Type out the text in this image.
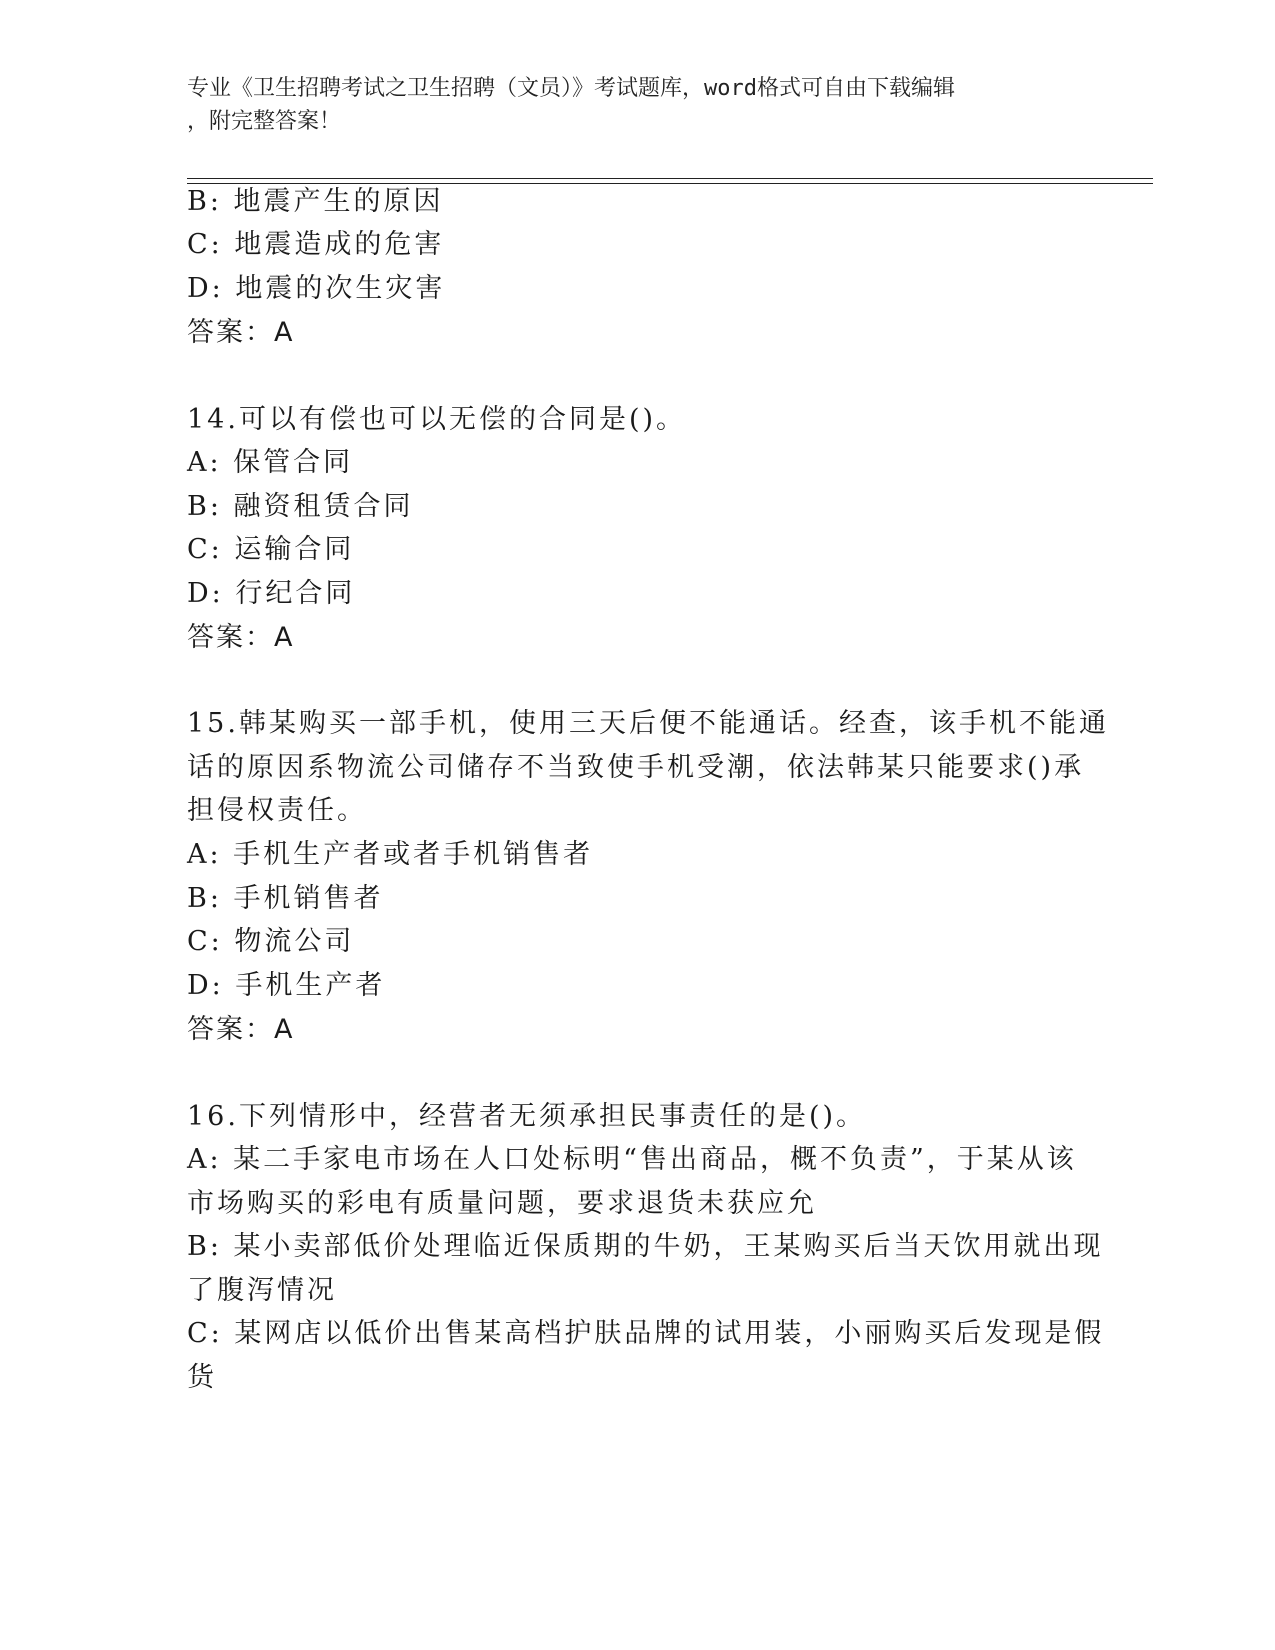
专业《卫生招聘考试之卫生招聘（文员）》考试题库，word格式可自由下载编辑
，附完整答案！
B: 地震产生的原因
C: 地震造成的危害
D: 地震的次生灾害
答案：A
14.可以有偿也可以无偿的合同是()。
A: 保管合同
B: 融资租赁合同
C: 运输合同
D: 行纪合同
答案：A
15.韩某购买一部手机，使用三天后便不能通话。经查，该手机不能通
话的原因系物流公司储存不当致使手机受潮，依法韩某只能要求()承
担侵权责任。
A: 手机生产者或者手机销售者
B: 手机销售者
C: 物流公司
D: 手机生产者
答案：A
16.下列情形中，经营者无须承担民事责任的是()。
A: 某二手家电市场在人口处标明“售出商品，概不负责”，于某从该
市场购买的彩电有质量问题，要求退货未获应允
B: 某小卖部低价处理临近保质期的牛奶，王某购买后当天饮用就出现
了腹泻情况
C: 某网店以低价出售某高档护肤品牌的试用装，小丽购买后发现是假
货
